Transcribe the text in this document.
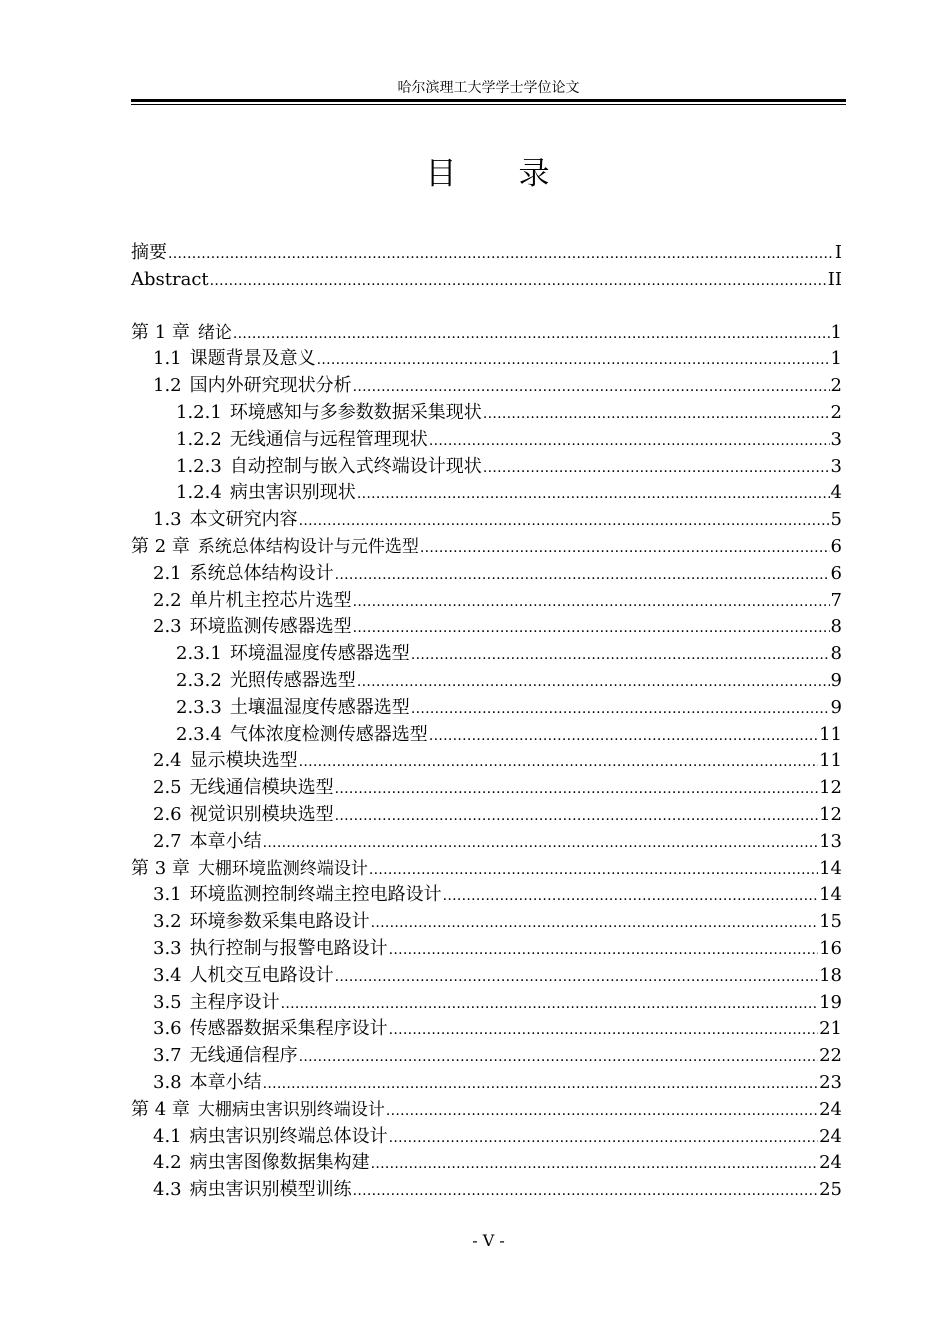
哈尔滨理工大学学士学位论文
目 录
摘要 .....	I
Abstract .....	II
第 1 章 绪论 .....	1
1.1 课题背景及意义 .....	1
1.2 国内外研究现状分析 .....	2
1.2.1 环境感知与多参数数据采集现状 .....	2
1.2.2 无线通信与远程管理现状 .....	3
1.2.3 自动控制与嵌入式终端设计现状 .....	3
1.2.4 病虫害识别现状 .....	4
1.3 本文研究内容 .....	5
第 2 章 系统总体结构设计与元件选型 .....	6
2.1 系统总体结构设计 .....	6
2.2 单片机主控芯片选型 .....	7
2.3 环境监测传感器选型 .....	8
2.3.1 环境温湿度传感器选型 .....	8
2.3.2 光照传感器选型 .....	9
2.3.3 土壤温湿度传感器选型 .....	9
2.3.4 气体浓度检测传感器选型 .....	11
2.4 显示模块选型 .....	11
2.5 无线通信模块选型 .....	12
2.6 视觉识别模块选型 .....	12
2.7 本章小结 .....	13
第 3 章 大棚环境监测终端设计 .....	14
3.1 环境监测控制终端主控电路设计 .....	14
3.2 环境参数采集电路设计 .....	15
3.3 执行控制与报警电路设计 .....	16
3.4 人机交互电路设计 .....	18
3.5 主程序设计 .....	19
3.6 传感器数据采集程序设计 .....	21
3.7 无线通信程序 .....	22
3.8 本章小结 .....	23
第 4 章 大棚病虫害识别终端设计 .....	24
4.1 病虫害识别终端总体设计 .....	24
4.2 病虫害图像数据集构建 .....	24
4.3 病虫害识别模型训练 .....	25
- V -
